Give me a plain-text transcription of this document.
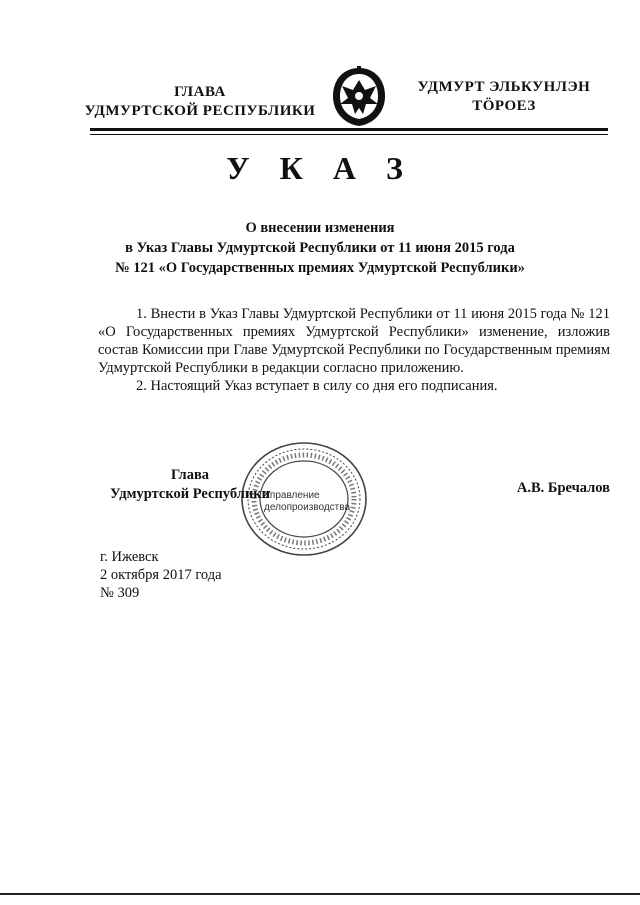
ГЛАВА
УДМУРТСКОЙ РЕСПУБЛИКИ
УДМУРТ ЭЛЬКУНЛЭН
ТӦРОЕЗ
У К А З
О внесении изменения
в Указ Главы Удмуртской Республики от 11 июня 2015 года
№ 121 «О Государственных премиях Удмуртской Республики»

1. Внести в Указ Главы Удмуртской Республики от 11 июня 2015 года № 121 «О Государственных премиях Удмуртской Республики» изменение, изложив состав Комиссии при Главе Удмуртской Республики по Государственным премиям Удмуртской Республики в редакции согласно приложению.

2. Настоящий Указ вступает в силу со дня его подписания.

Управление
делопроизводства
Глава
Удмуртской Республики	А.В. Бречалов
г. Ижевск
2 октября 2017 года
№ 309
